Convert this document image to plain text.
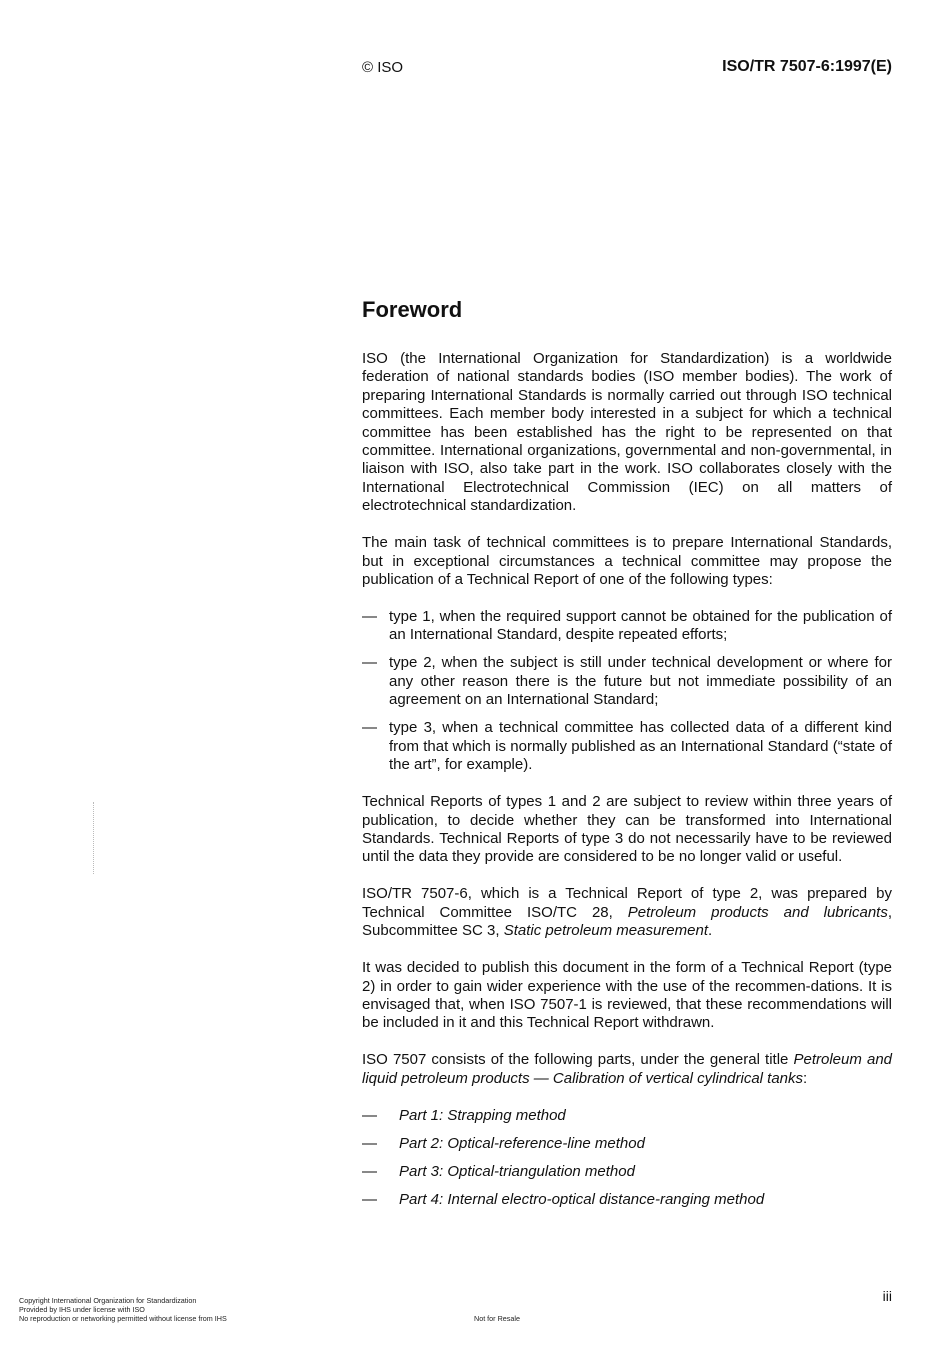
© ISO	ISO/TR 7507-6:1997(E)
Foreword

ISO (the International Organization for Standardization) is a worldwide federation of national standards bodies (ISO member bodies). The work of preparing International Standards is normally carried out through ISO technical committees. Each member body interested in a subject for which a technical committee has been established has the right to be represented on that committee. International organizations, governmental and non-governmental, in liaison with ISO, also take part in the work. ISO collaborates closely with the International Electrotechnical Commission (IEC) on all matters of electrotechnical standardization.

The main task of technical committees is to prepare International Standards, but in exceptional circumstances a technical committee may propose the publication of a Technical Report of one of the following types:

— type 1, when the required support cannot be obtained for the publication of an International Standard, despite repeated efforts;
— type 2, when the subject is still under technical development or where for any other reason there is the future but not immediate possibility of an agreement on an International Standard;
— type 3, when a technical committee has collected data of a different kind from that which is normally published as an International Standard (“state of the art”, for example).

Technical Reports of types 1 and 2 are subject to review within three years of publication, to decide whether they can be transformed into International Standards. Technical Reports of type 3 do not necessarily have to be reviewed until the data they provide are considered to be no longer valid or useful.

ISO/TR 7507-6, which is a Technical Report of type 2, was prepared by Technical Committee ISO/TC 28, Petroleum products and lubricants, Subcommittee SC 3, Static petroleum measurement.

It was decided to publish this document in the form of a Technical Report (type 2) in order to gain wider experience with the use of the recommen-dations. It is envisaged that, when ISO 7507-1 is reviewed, that these recommendations will be included in it and this Technical Report withdrawn.

ISO 7507 consists of the following parts, under the general title Petroleum and liquid petroleum products — Calibration of vertical cylindrical tanks:

— Part 1: Strapping method
— Part 2: Optical-reference-line method
— Part 3: Optical-triangulation method
— Part 4: Internal electro-optical distance-ranging method
iii
Copyright International Organization for Standardization
Provided by IHS under license with ISO
No reproduction or networking permitted without license from IHS	Not for Resale
